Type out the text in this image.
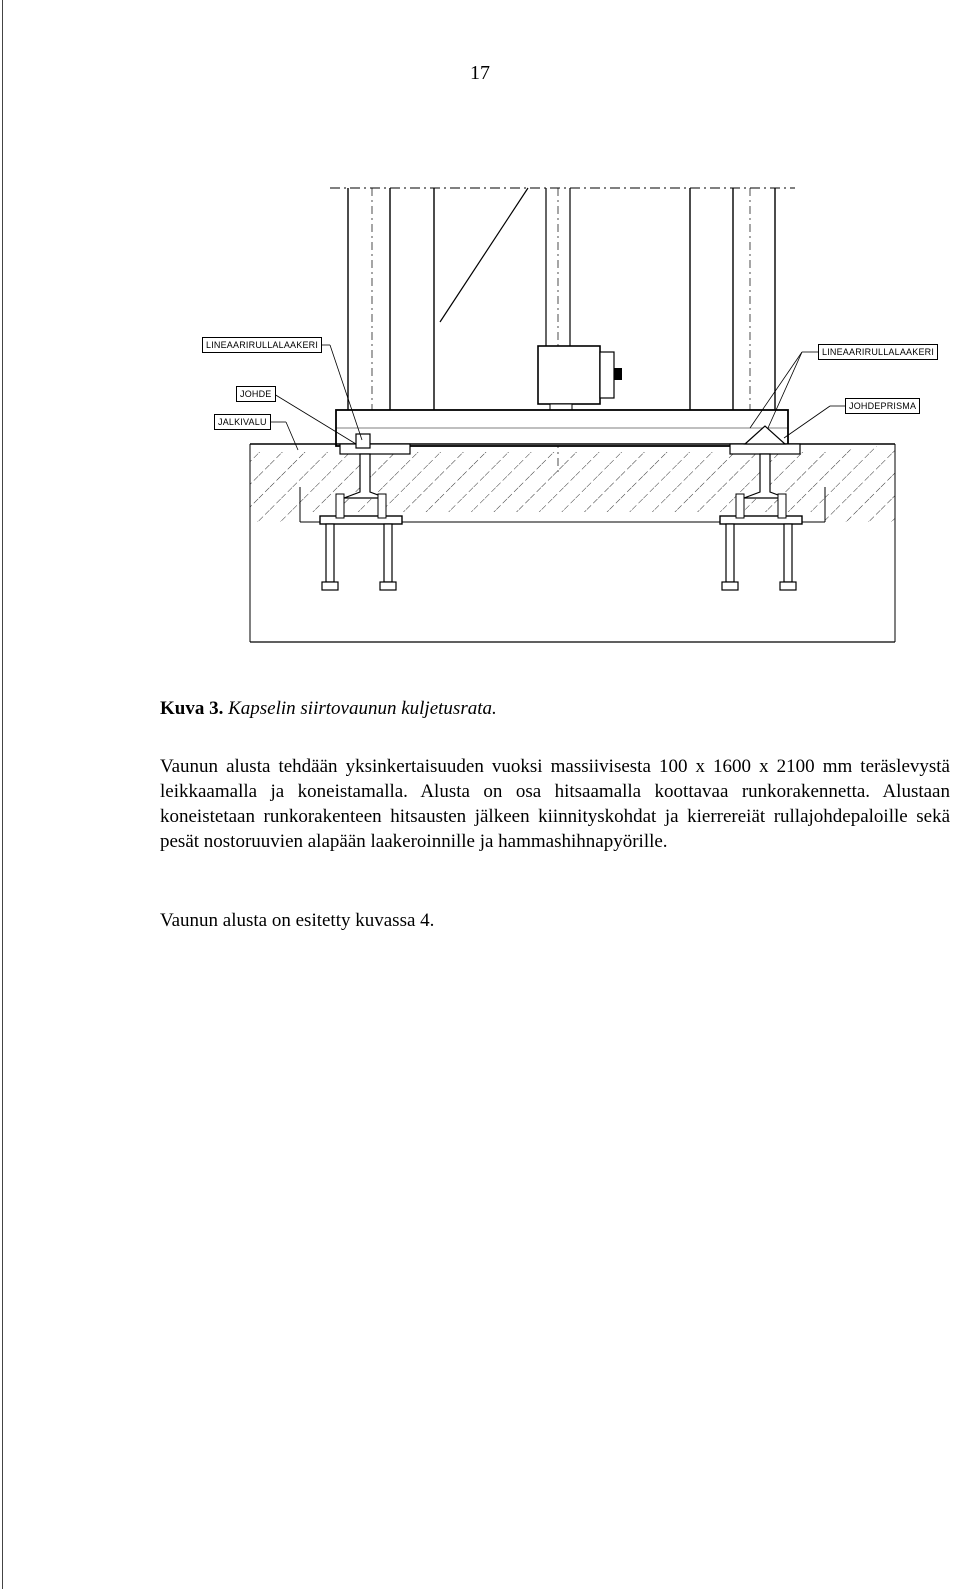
17
LINEAARIRULLALAAKERI
JOHDE
JALKIVALU
LINEAARIRULLALAAKERI
JOHDEPRISMA
Kuva 3. Kapselin siirtovaunun kuljetusrata.
Vaunun alusta tehdään yksinkertaisuuden vuoksi massiivisesta 100 x 1600 x 2100 mm teräslevystä leikkaamalla ja koneistamalla. Alusta on osa hitsaamalla koottavaa runkorakennetta. Alustaan koneistetaan runkorakenteen hitsausten jälkeen kiinnityskohdat ja kierrereiät rullajohdepaloille sekä pesät nostoruuvien alapään laakeroinnille ja hammashihnapyörille.
Vaunun alusta on esitetty kuvassa 4.
